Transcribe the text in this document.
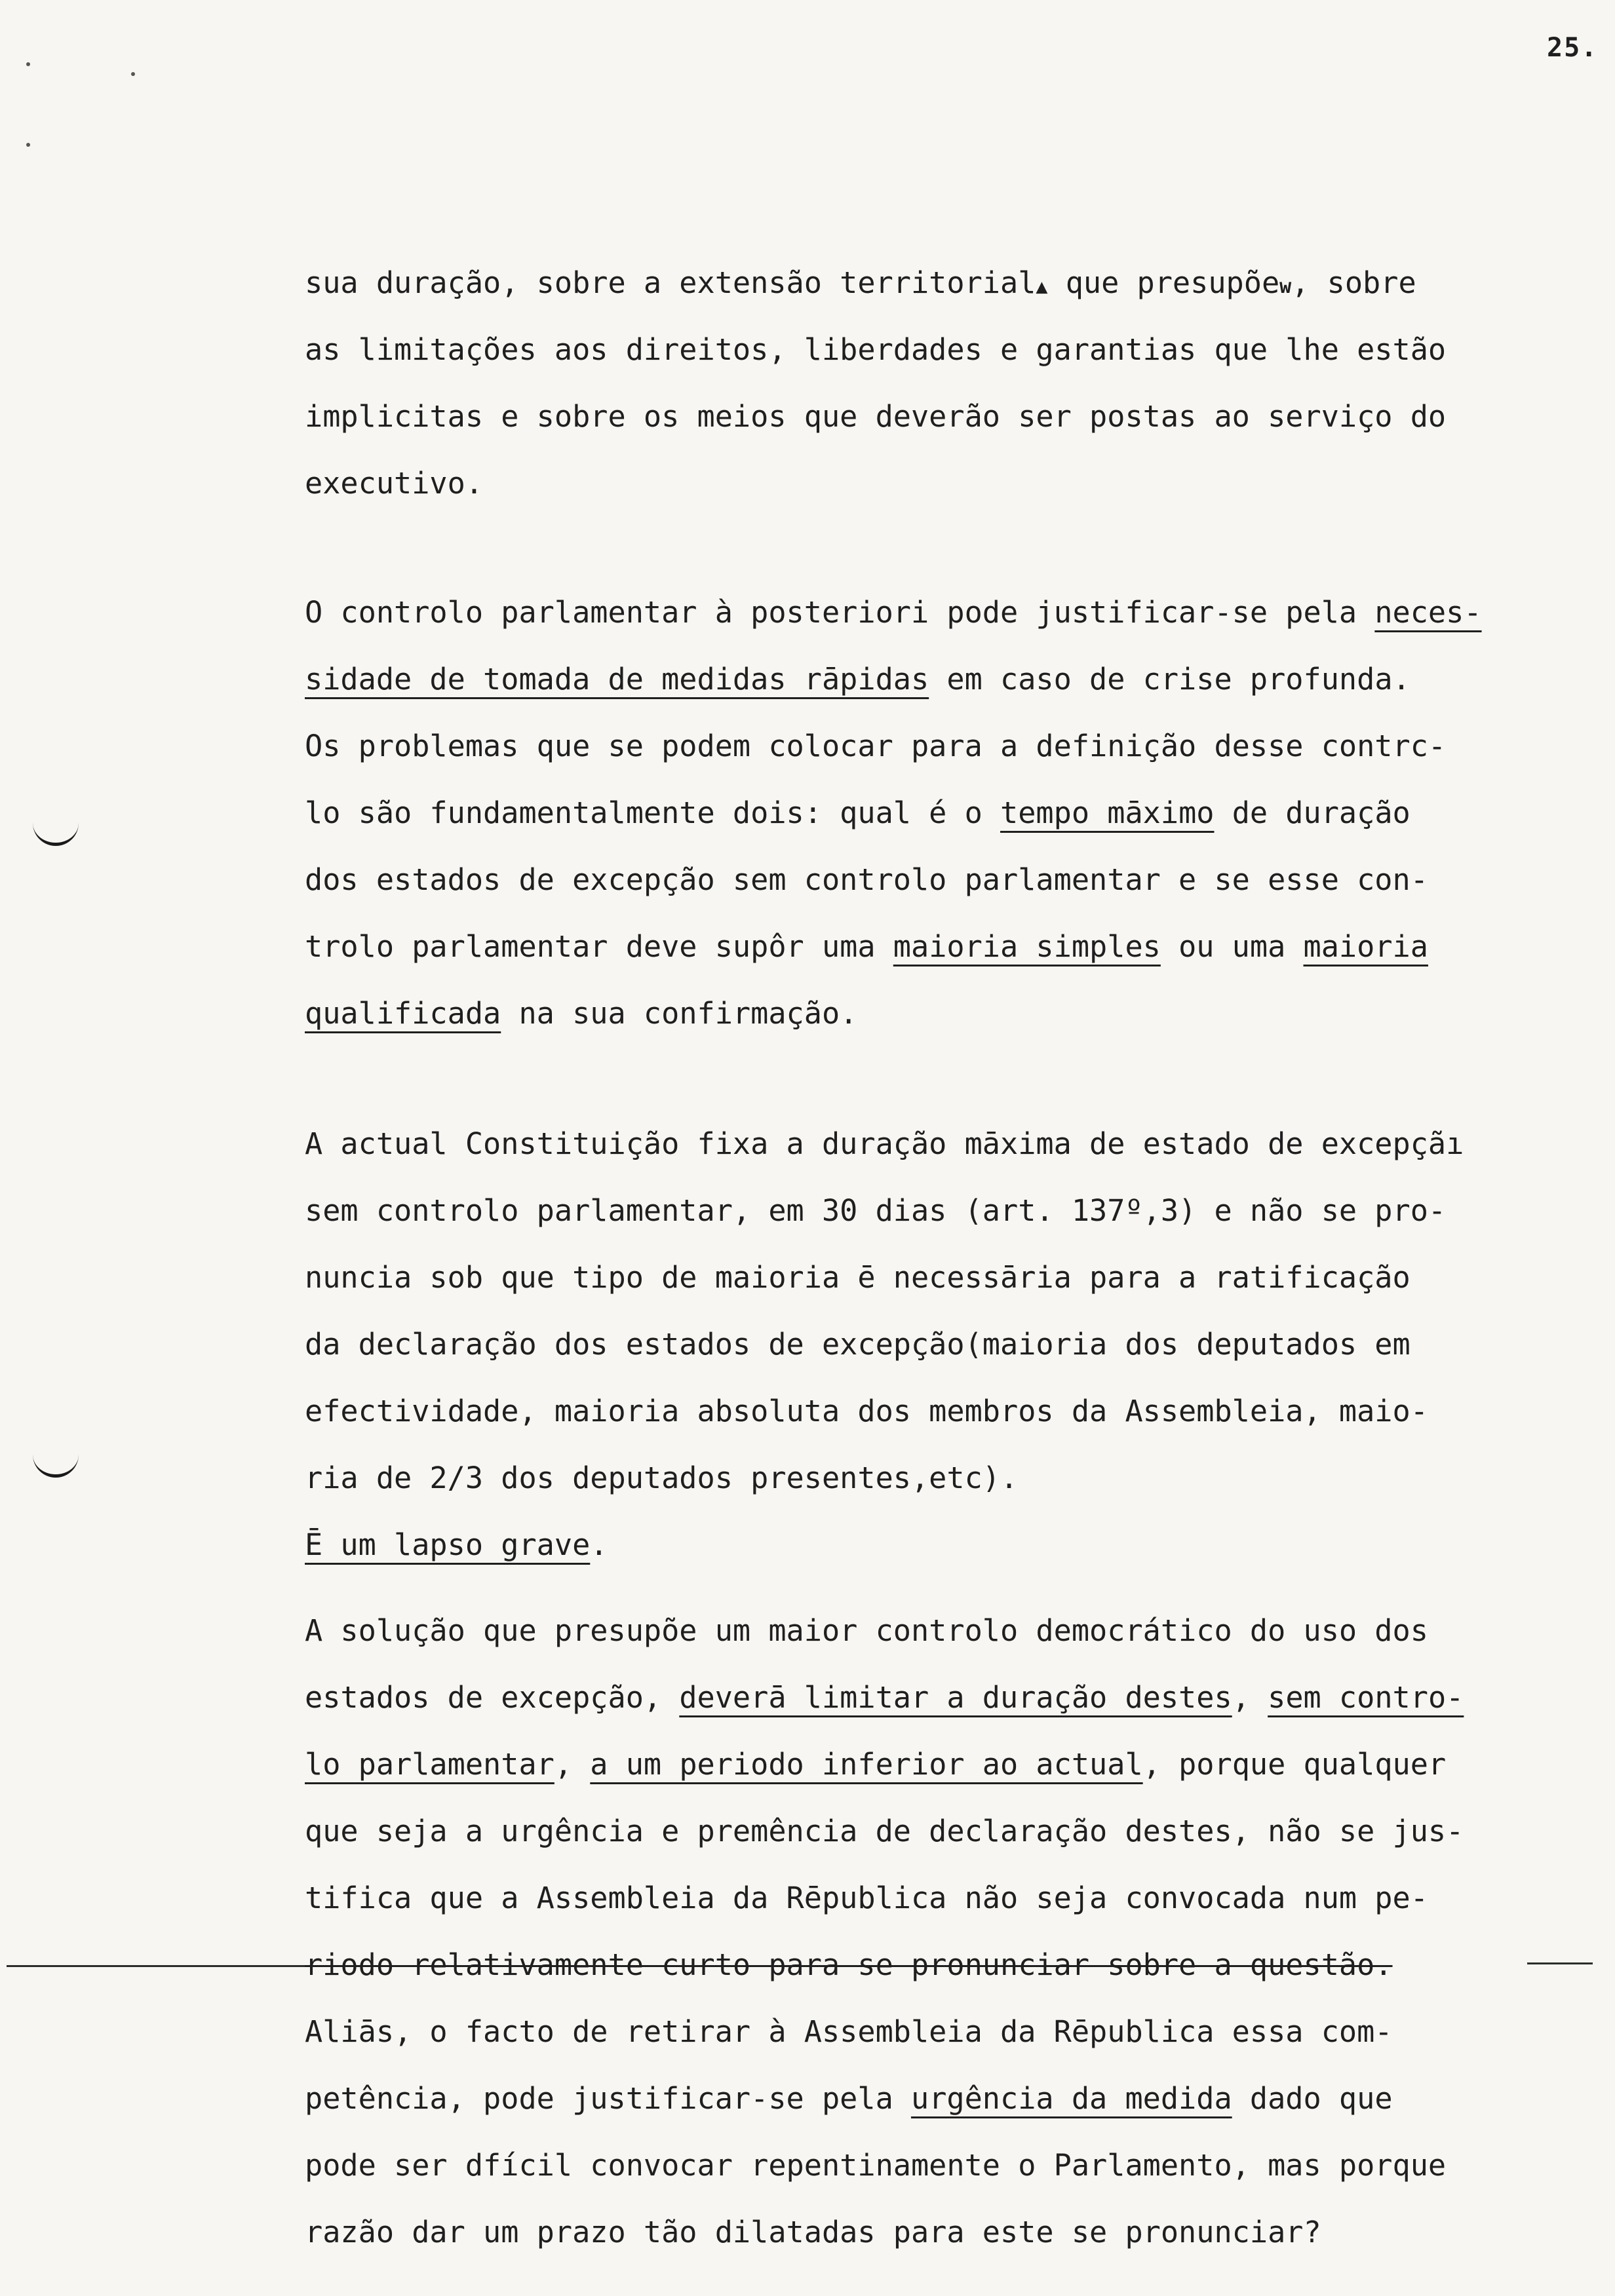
25.
sua duração, sobre a extensão territorial▲ que presupõew, sobre
as limitações aos direitos, liberdades e garantias que lhe estão
implicitas e sobre os meios que deverão ser postas ao serviço do
executivo.
O controlo parlamentar à posteriori pode justificar-se pela neces-
sidade de tomada de medidas rāpidas em caso de crise profunda.
Os problemas que se podem colocar para a definição desse contrc-
lo são fundamentalmente dois: qual é o tempo māximo de duração
dos estados de excepção sem controlo parlamentar e se esse con-
trolo parlamentar deve supôr uma maioria simples ou uma maioria
qualificada na sua confirmação.
A actual Constituição fixa a duração māxima de estado de excepçãı
sem controlo parlamentar, em 30 dias (art. 137º,3) e não se pro-
nuncia sob que tipo de maioria ē necessāria para a ratificação
da declaração dos estados de excepção(maioria dos deputados em
efectividade, maioria absoluta dos membros da Assembleia, maio-
ria de 2/3 dos deputados presentes,etc).
Ē um lapso grave.
A solução que presupõe um maior controlo democrático do uso dos
estados de excepção, deverā limitar a duração destes, sem contro-
lo parlamentar, a um periodo inferior ao actual, porque qualquer
que seja a urgência e premência de declaração destes, não se jus-
tifica que a Assembleia da Rēpublica não seja convocada num pe-
riodo relativamente curto para se pronunciar sobre a questão.
Aliās, o facto de retirar à Assembleia da Rēpublica essa com-
petência, pode justificar-se pela urgência da medida dado que
pode ser dfícil convocar repentinamente o Parlamento, mas porque
razão dar um prazo tão dilatadas para este se pronunciar?
